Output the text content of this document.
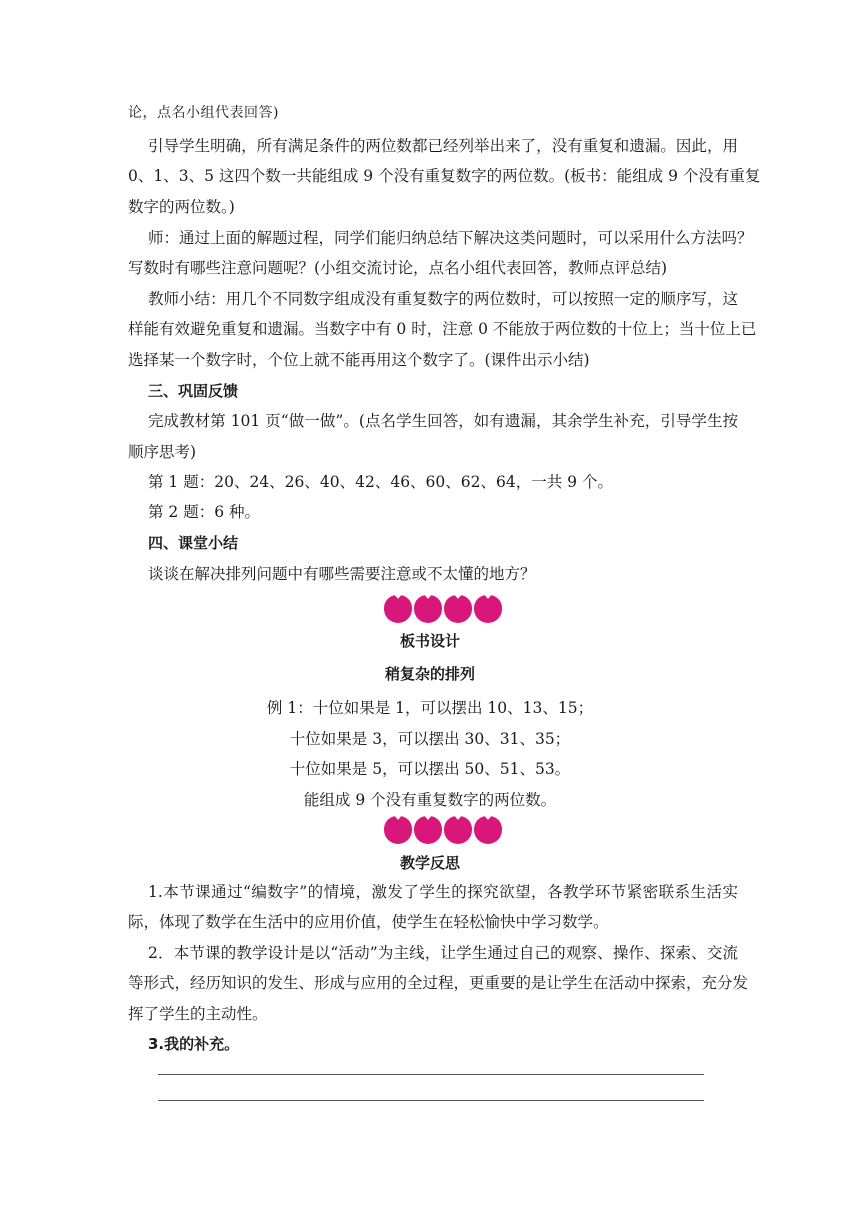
论，点名小组代表回答)
引导学生明确，所有满足条件的两位数都已经列举出来了，没有重复和遗漏。因此，用
0、1、3、5 这四个数一共能组成 9 个没有重复数字的两位数。(板书：能组成 9 个没有重复
数字的两位数。)
师：通过上面的解题过程，同学们能归纳总结下解决这类问题时，可以采用什么方法吗？
写数时有哪些注意问题呢？(小组交流讨论，点名小组代表回答，教师点评总结)
教师小结：用几个不同数字组成没有重复数字的两位数时，可以按照一定的顺序写，这
样能有效避免重复和遗漏。当数字中有 0 时，注意 0 不能放于两位数的十位上；当十位上已
选择某一个数字时，个位上就不能再用这个数字了。(课件出示小结)
三、巩固反馈
完成教材第 101 页“做一做”。(点名学生回答，如有遗漏，其余学生补充，引导学生按
顺序思考)
第 1 题：20、24、26、40、42、46、60、62、64，一共 9 个。
第 2 题：6 种。
四、课堂小结
谈谈在解决排列问题中有哪些需要注意或不太懂的地方？
板书设计
稍复杂的排列
例 1：十位如果是 1，可以摆出 10、13、15；
十位如果是 3，可以摆出 30、31、35；
十位如果是 5，可以摆出 50、51、53。
能组成 9 个没有重复数字的两位数。
教学反思
1.本节课通过“编数字”的情境，激发了学生的探究欲望，各教学环节紧密联系生活实
际，体现了数学在生活中的应用价值，使学生在轻松愉快中学习数学。
2．本节课的教学设计是以“活动”为主线，让学生通过自己的观察、操作、探索、交流
等形式，经历知识的发生、形成与应用的全过程，更重要的是让学生在活动中探索，充分发
挥了学生的主动性。
3.我的补充。
